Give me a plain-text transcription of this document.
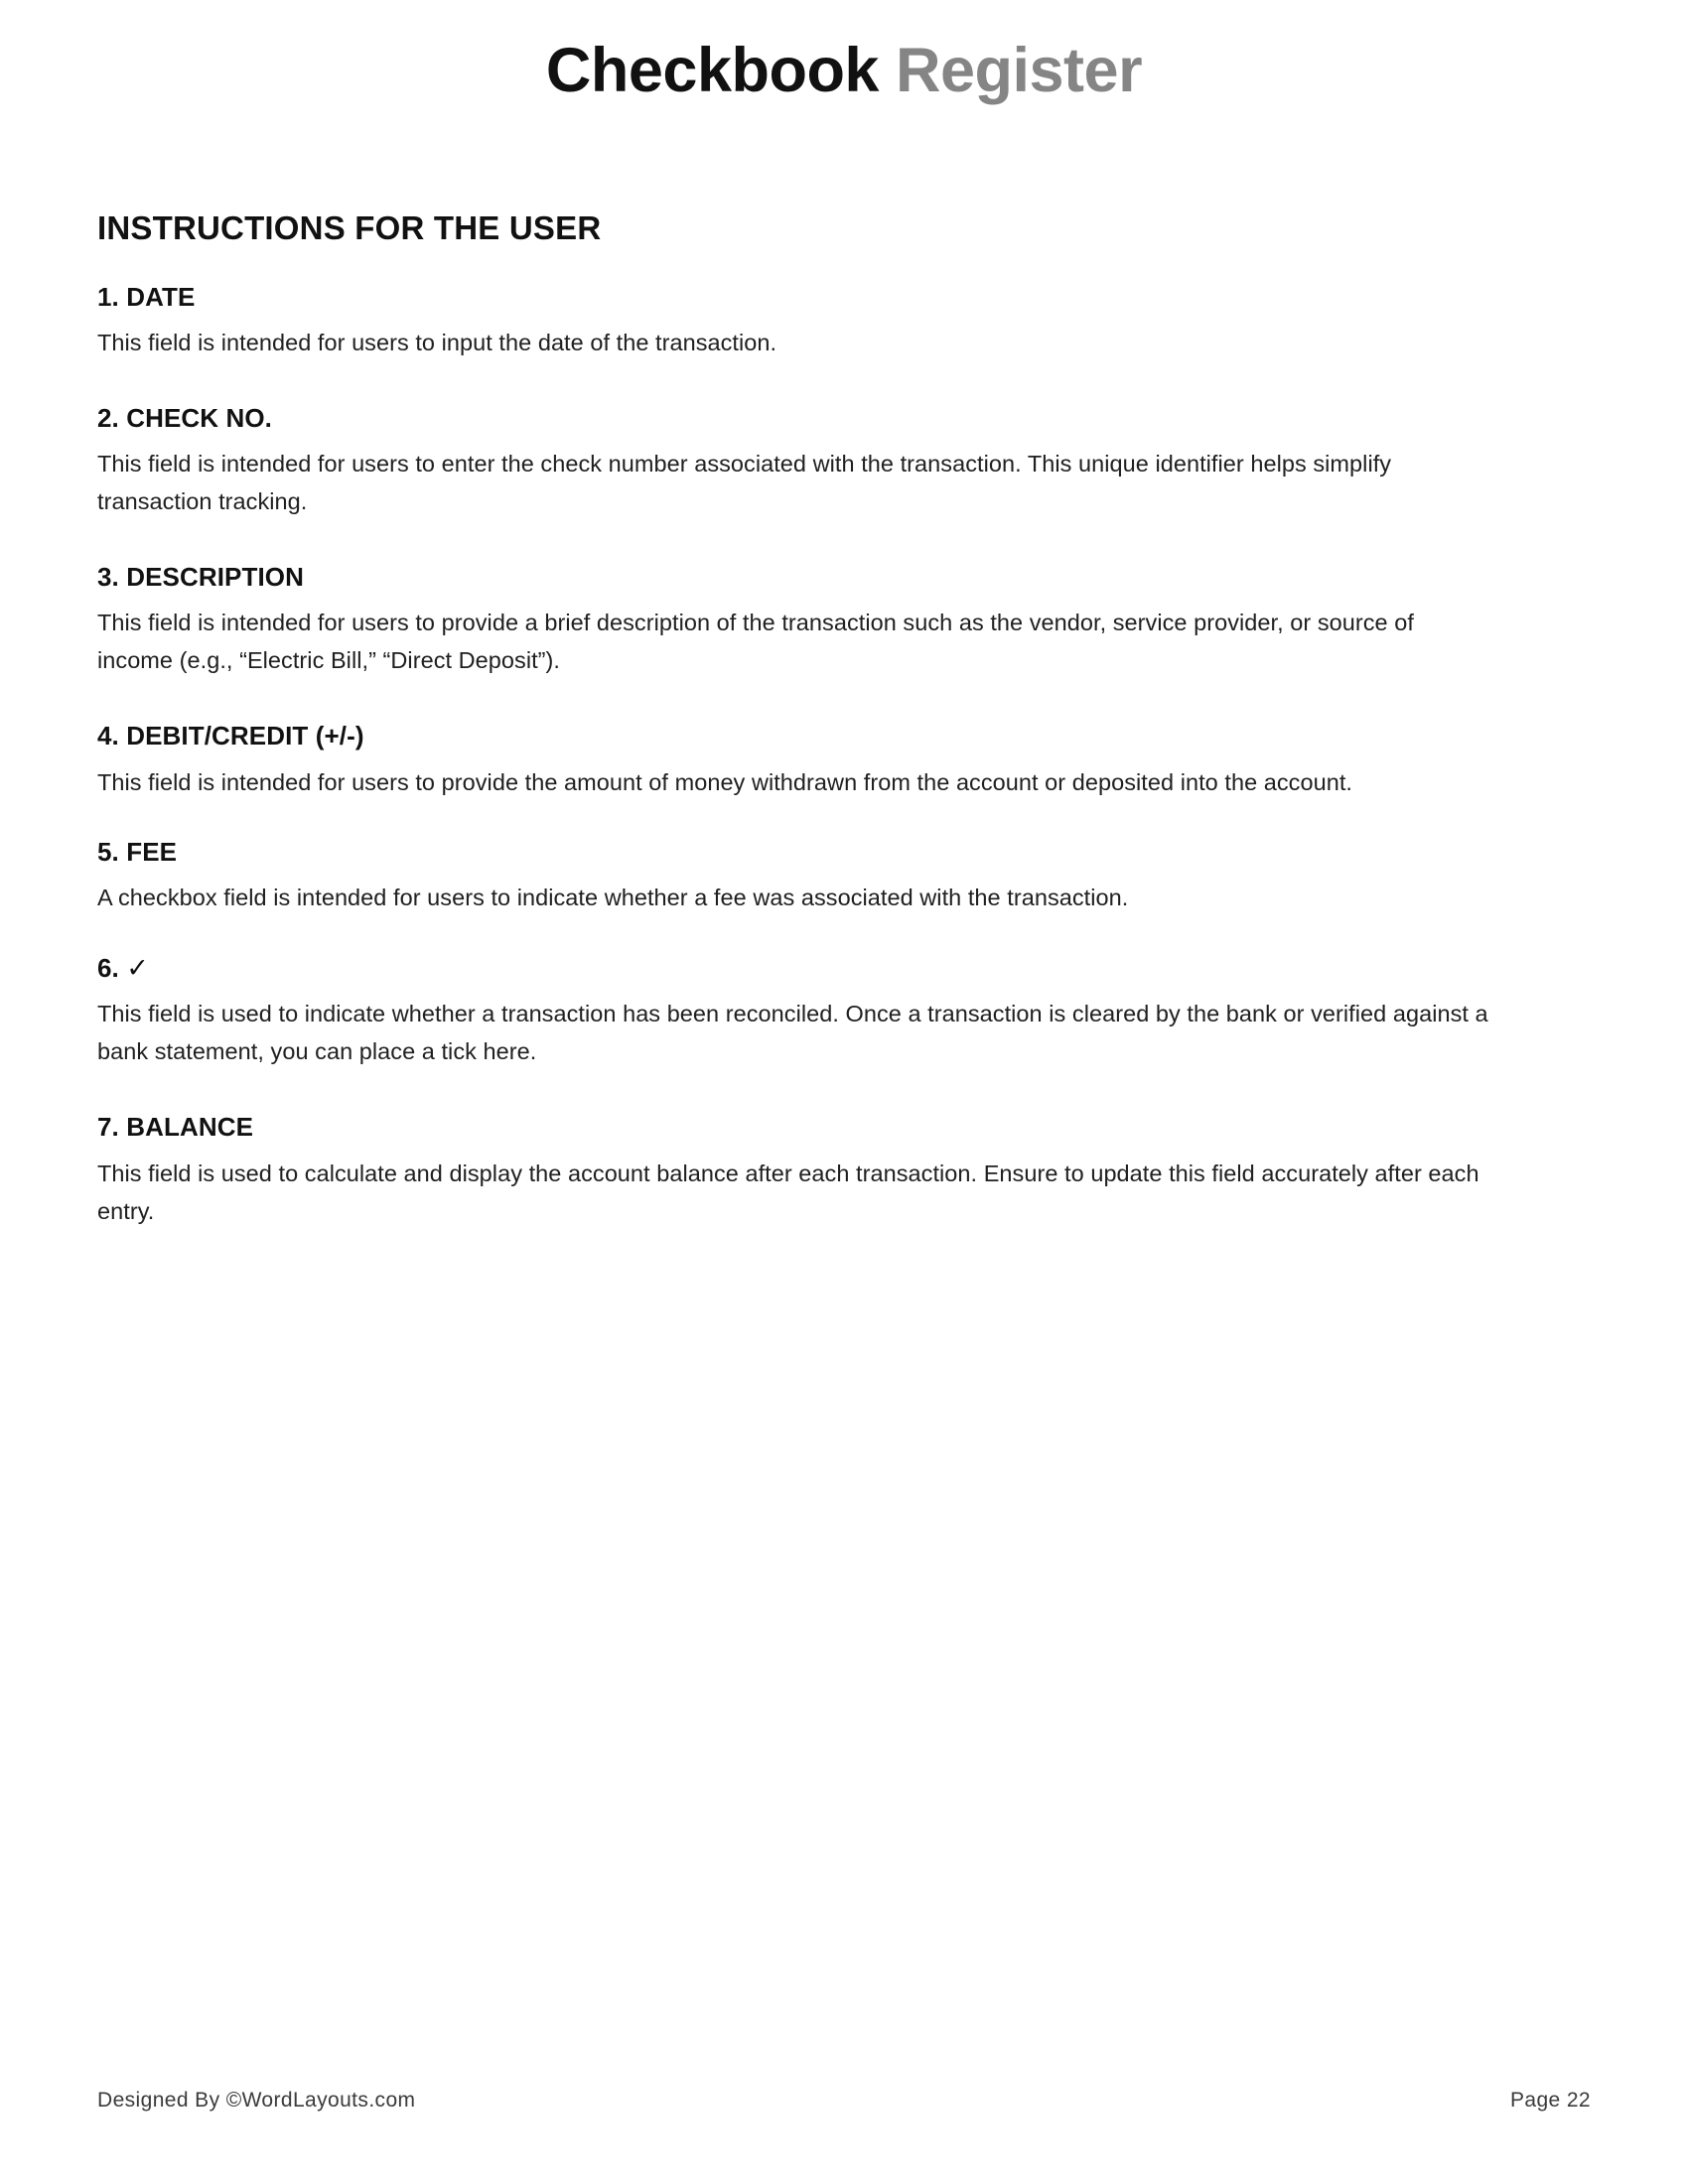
Checkbook Register
INSTRUCTIONS FOR THE USER
1. DATE

This field is intended for users to input the date of the transaction.

2. CHECK NO.

This field is intended for users to enter the check number associated with the transaction. This unique identifier helps simplify transaction tracking.

3. DESCRIPTION

This field is intended for users to provide a brief description of the transaction such as the vendor, service provider, or source of income (e.g., “Electric Bill,” “Direct Deposit”).

4. DEBIT/CREDIT (+/-)

This field is intended for users to provide the amount of money withdrawn from the account or deposited into the account.

5. FEE

A checkbox field is intended for users to indicate whether a fee was associated with the transaction.

6. ✓

This field is used to indicate whether a transaction has been reconciled. Once a transaction is cleared by the bank or verified against a bank statement, you can place a tick here.

7. BALANCE

This field is used to calculate and display the account balance after each transaction. Ensure to update this field accurately after each entry.

Designed By ©WordLayouts.com	Page 22
